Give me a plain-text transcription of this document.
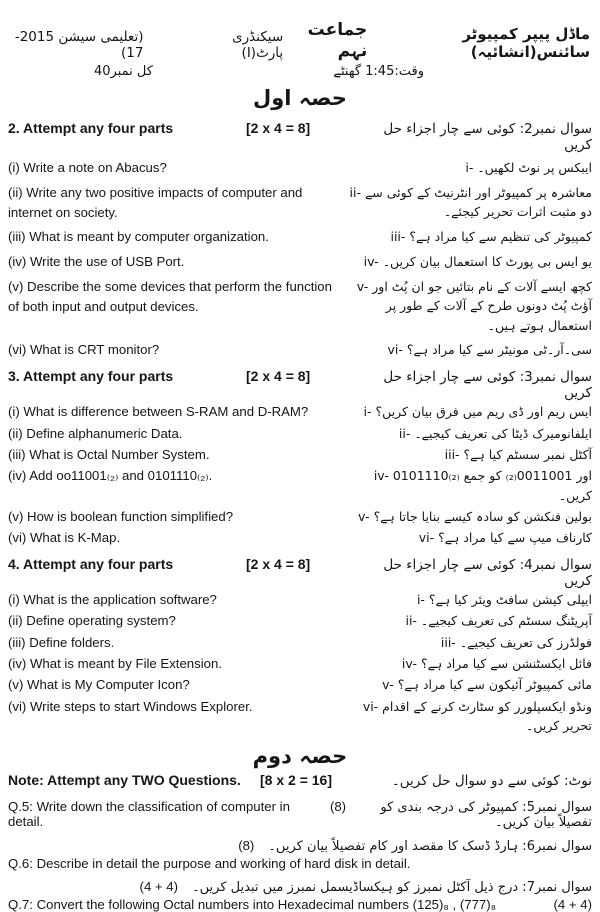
ماڈل پیپر کمپیوٹر سائنس(انشائیہ)
جماعت نہم
سیکنڈری پارٹ(I)
(تعلیمی سیشن 2015-17)
کل نمبر40	وقت:1:45 گھنٹے
حصہ اول
2. Attempt any four parts	[2 x 4 = 8]	سوال نمبر2: کوئی سے چار اجزاء حل کریں
(i) Write a note on Abacus?	i- ایبکس پر نوٹ لکھیں۔
(ii) Write any two positive impacts of computer and internet on society.
ii- معاشرہ پر کمپیوٹر اور انٹرنیٹ کے کوئی سے دو مثبت اثرات تحریر کیجئے۔
(iii) What is meant by computer organization.	iii- کمپیوٹر کی تنظیم سے کیا مراد ہے؟
(iv) Write the use of USB Port.	iv- یو ایس بی پورٹ کا استعمال بیان کریں۔
(v) Describe the some devices that perform the function of both input and output devices.
v- کچھ ایسے آلات کے نام بتائیں جو ان پُٹ اور آؤٹ پُٹ دونوں طرح کے آلات کے طور پر استعمال ہوتے ہیں۔
(vi) What is CRT monitor?	vi- سی۔آر۔ٹی مونیٹر سے کیا مراد ہے؟
3. Attempt any four parts	[2 x 4 = 8]	سوال نمبر3: کوئی سے چار اجزاء حل کریں
(i) What is difference between S-RAM and D-RAM?	i- ایس ریم اور ڈی ریم میں فرق بیان کریں؟
(ii) Define alphanumeric Data.	ii- ایلفانومیرک ڈیٹا کی تعریف کیجیے۔
(iii) What is Octal Number System.	iii- آکٹل نمبر سسٹم کیا ہے؟
(iv) Add oo11001₍₂₎ and 0101110₍₂₎.	iv- 0101110₍₂₎ اور 0011001₍₂₎ کو جمع کریں۔
(v) How is boolean function simplified?	v- بولین فنکشن کو سادہ کیسے بنایا جاتا ہے؟
(vi) What is K-Map.	vi- کارناف میپ سے کیا مراد ہے؟
4. Attempt any four parts	[2 x 4 = 8]	سوال نمبر4: کوئی سے چار اجزاء حل کریں
(i) What is the application software?	i- ایپلی کیشن سافٹ ویئر کیا ہے؟
(ii) Define operating system?	ii- آپریٹنگ سسٹم کی تعریف کیجیے۔
(iii) Define folders.	iii- فولڈرز کی تعریف کیجیے۔
(iv) What is meant by File Extension.	iv- فائل ایکسٹنشن سے کیا مراد ہے؟
(v) What is My Computer Icon?	v- مائی کمپیوٹر آئیکون سے کیا مراد ہے؟
(vi) Write steps to start Windows Explorer.	vi- ونڈو ایکسپلورر کو سٹارٹ کرنے کے اقدام تحریر کریں۔
حصہ دوم
Note: Attempt any TWO Questions.	[8 x 2 = 16]	نوٹ: کوئی سے دو سوال حل کریں۔
Q.5: Write down the classification of computer in detail.
(8)	سوال نمبر5: کمپیوٹر کی درجہ بندی کو تفصیلاً بیان کریں۔
(8) سوال نمبر6: ہارڈ ڈسک کا مقصد اور کام تفصیلاً بیان کریں۔
Q.6: Describe in detail the purpose and working of hard disk in detail.
(4 + 4) سوال نمبر7: درج ذیل آکٹل نمبرز کو ہیکساڈیسمل نمبرز میں تبدیل کریں۔
Q.7: Convert the following Octal numbers into Hexadecimal numbers (125)₈ , (777)₈	(4 + 4)
